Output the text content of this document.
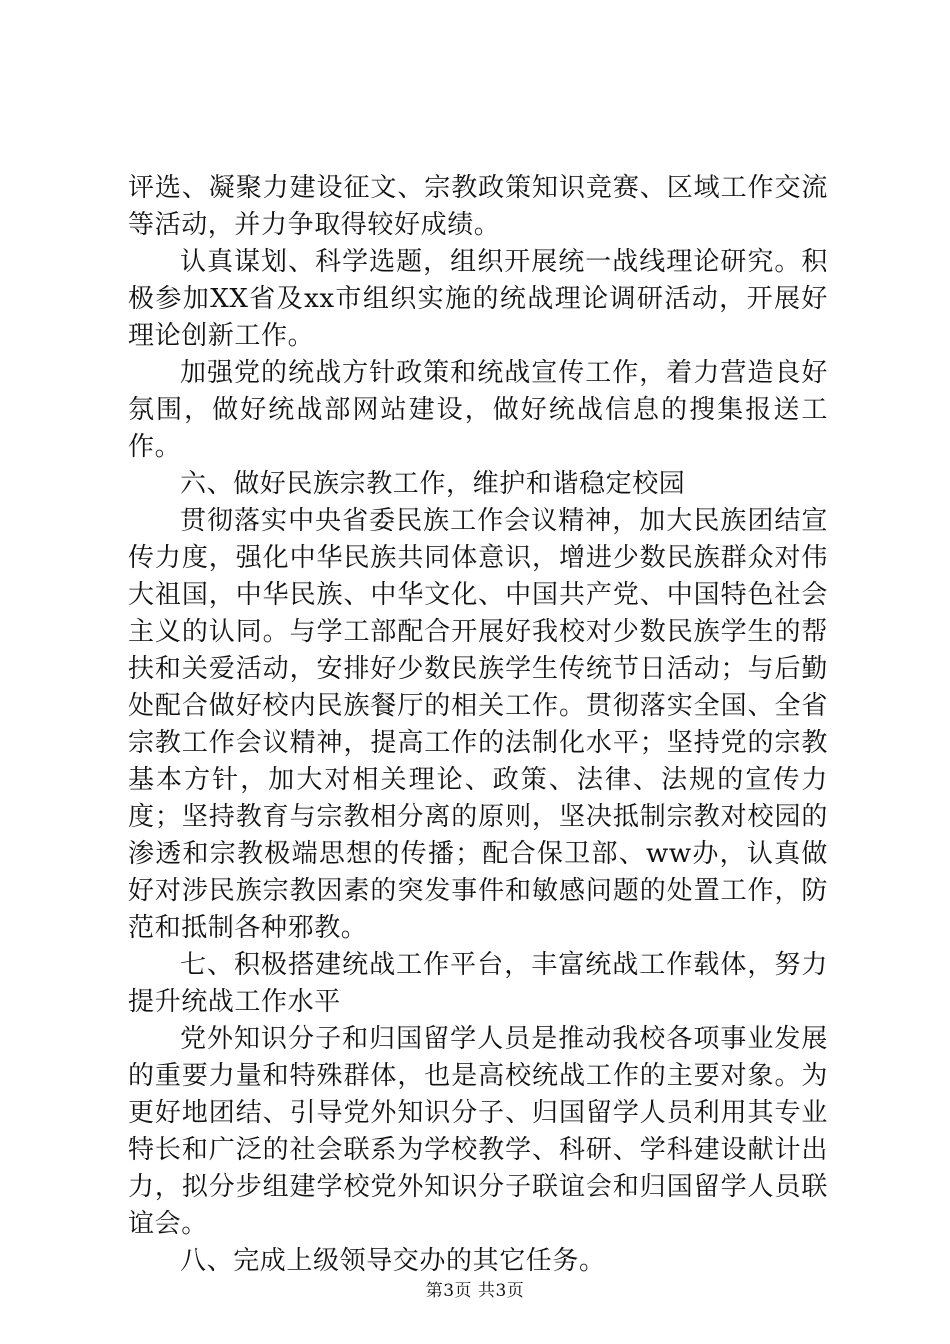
评选、凝聚力建设征文、宗教政策知识竞赛、区域工作交流等活动，并力争取得较好成绩。

认真谋划、科学选题，组织开展统一战线理论研究。积极参加XX省及xx市组织实施的统战理论调研活动，开展好理论创新工作。

加强党的统战方针政策和统战宣传工作，着力营造良好氛围，做好统战部网站建设，做好统战信息的搜集报送工作。

六、做好民族宗教工作，维护和谐稳定校园

贯彻落实中央省委民族工作会议精神，加大民族团结宣传力度，强化中华民族共同体意识，增进少数民族群众对伟大祖国，中华民族、中华文化、中国共产党、中国特色社会主义的认同。与学工部配合开展好我校对少数民族学生的帮扶和关爱活动，安排好少数民族学生传统节日活动；与后勤处配合做好校内民族餐厅的相关工作。贯彻落实全国、全省宗教工作会议精神，提高工作的法制化水平；坚持党的宗教基本方针，加大对相关理论、政策、法律、法规的宣传力度；坚持教育与宗教相分离的原则，坚决抵制宗教对校园的渗透和宗教极端思想的传播；配合保卫部、ww办，认真做好对涉民族宗教因素的突发事件和敏感问题的处置工作，防范和抵制各种邪教。

七、积极搭建统战工作平台，丰富统战工作载体，努力提升统战工作水平

党外知识分子和归国留学人员是推动我校各项事业发展的重要力量和特殊群体，也是高校统战工作的主要对象。为更好地团结、引导党外知识分子、归国留学人员利用其专业特长和广泛的社会联系为学校教学、科研、学科建设献计出力，拟分步组建学校党外知识分子联谊会和归国留学人员联谊会。

八、完成上级领导交办的其它任务。

第3页 共3页
